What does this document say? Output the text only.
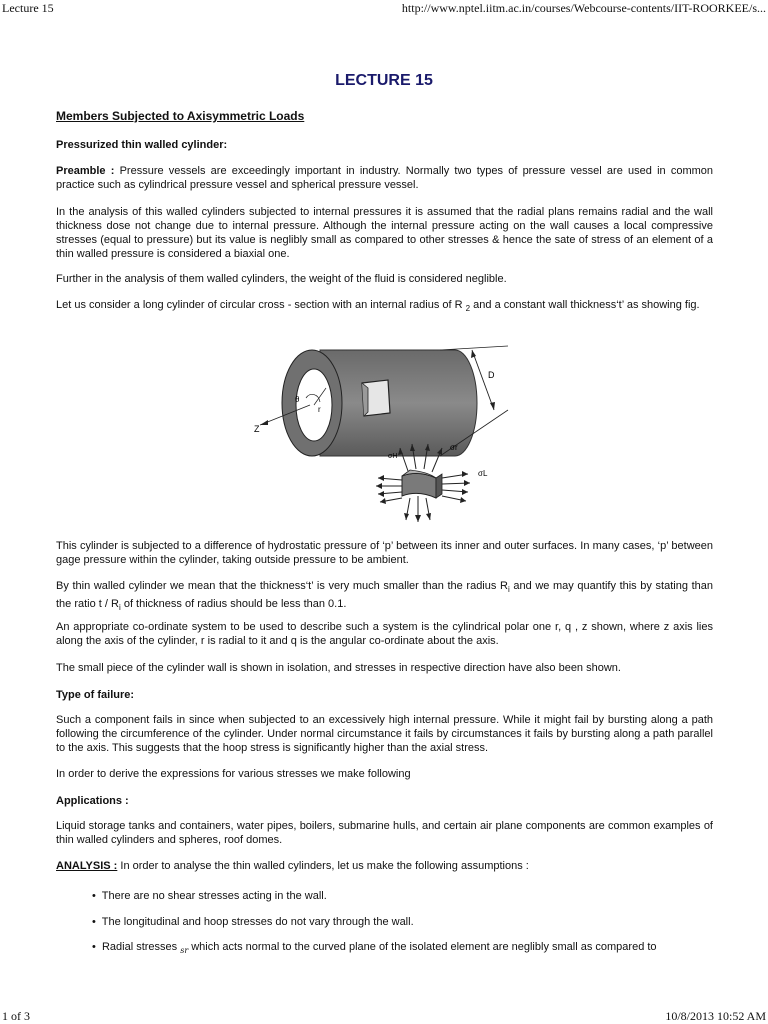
Lecture 15	http://www.nptel.iitm.ac.in/courses/Webcourse-contents/IIT-ROORKEE/s...
LECTURE 15
Members Subjected to Axisymmetric Loads
Pressurized thin walled cylinder:

Preamble : Pressure vessels are exceedingly important in industry. Normally two types of pressure vessel are used in common practice such as cylindrical pressure vessel and spherical pressure vessel.

In the analysis of this walled cylinders subjected to internal pressures it is assumed that the radial plans remains radial and the wall thickness dose not change due to internal pressure. Although the internal pressure acting on the wall causes a local compressive stresses (equal to pressure) but its value is neglibly small as compared to other stresses & hence the sate of stress of an element of a thin walled pressure is considered a biaxial one.

Further in the analysis of them walled cylinders, the weight of the fluid is considered neglible.

Let us consider a long cylinder of circular cross - section with an internal radius of R $_2$ and a constant wall thickness‘t’ as showing fig.

D
Z
θ
r
σr
σH
σL

This cylinder is subjected to a difference of hydrostatic pressure of ‘p’ between its inner and outer surfaces. In many cases, ‘p’ between gage pressure within the cylinder, taking outside pressure to be ambient.

By thin walled cylinder we mean that the thickness‘t’ is very much smaller than the radius $R_i$ and we may quantify this by stating than the ratio t / $R_i$ of thickness of radius should be less than 0.1.

An appropriate co-ordinate system to be used to describe such a system is the cylindrical polar one r, q , z shown, where z axis lies along the axis of the cylinder, r is radial to it and q is the angular co-ordinate about the axis.

The small piece of the cylinder wall is shown in isolation, and stresses in respective direction have also been shown.

Type of failure:

Such a component fails in since when subjected to an excessively high internal pressure. While it might fail by bursting along a path following the circumference of the cylinder. Under normal circumstance it fails by circumstances it fails by bursting along a path parallel to the axis. This suggests that the hoop stress is significantly higher than the axial stress.

In order to derive the expressions for various stresses we make following

Applications :

Liquid storage tanks and containers, water pipes, boilers, submarine hulls, and certain air plane components are common examples of thin walled cylinders and spheres, roof domes.

ANALYSIS : In order to analyse the thin walled cylinders, let us make the following assumptions :

•  There are no shear stresses acting in the wall.
•  The longitudinal and hoop stresses do not vary through the wall.
•  Radial stresses $_{sr}$ which acts normal to the curved plane of the isolated element are neglibly small as compared to
1 of 3	10/8/2013 10:52 AM
